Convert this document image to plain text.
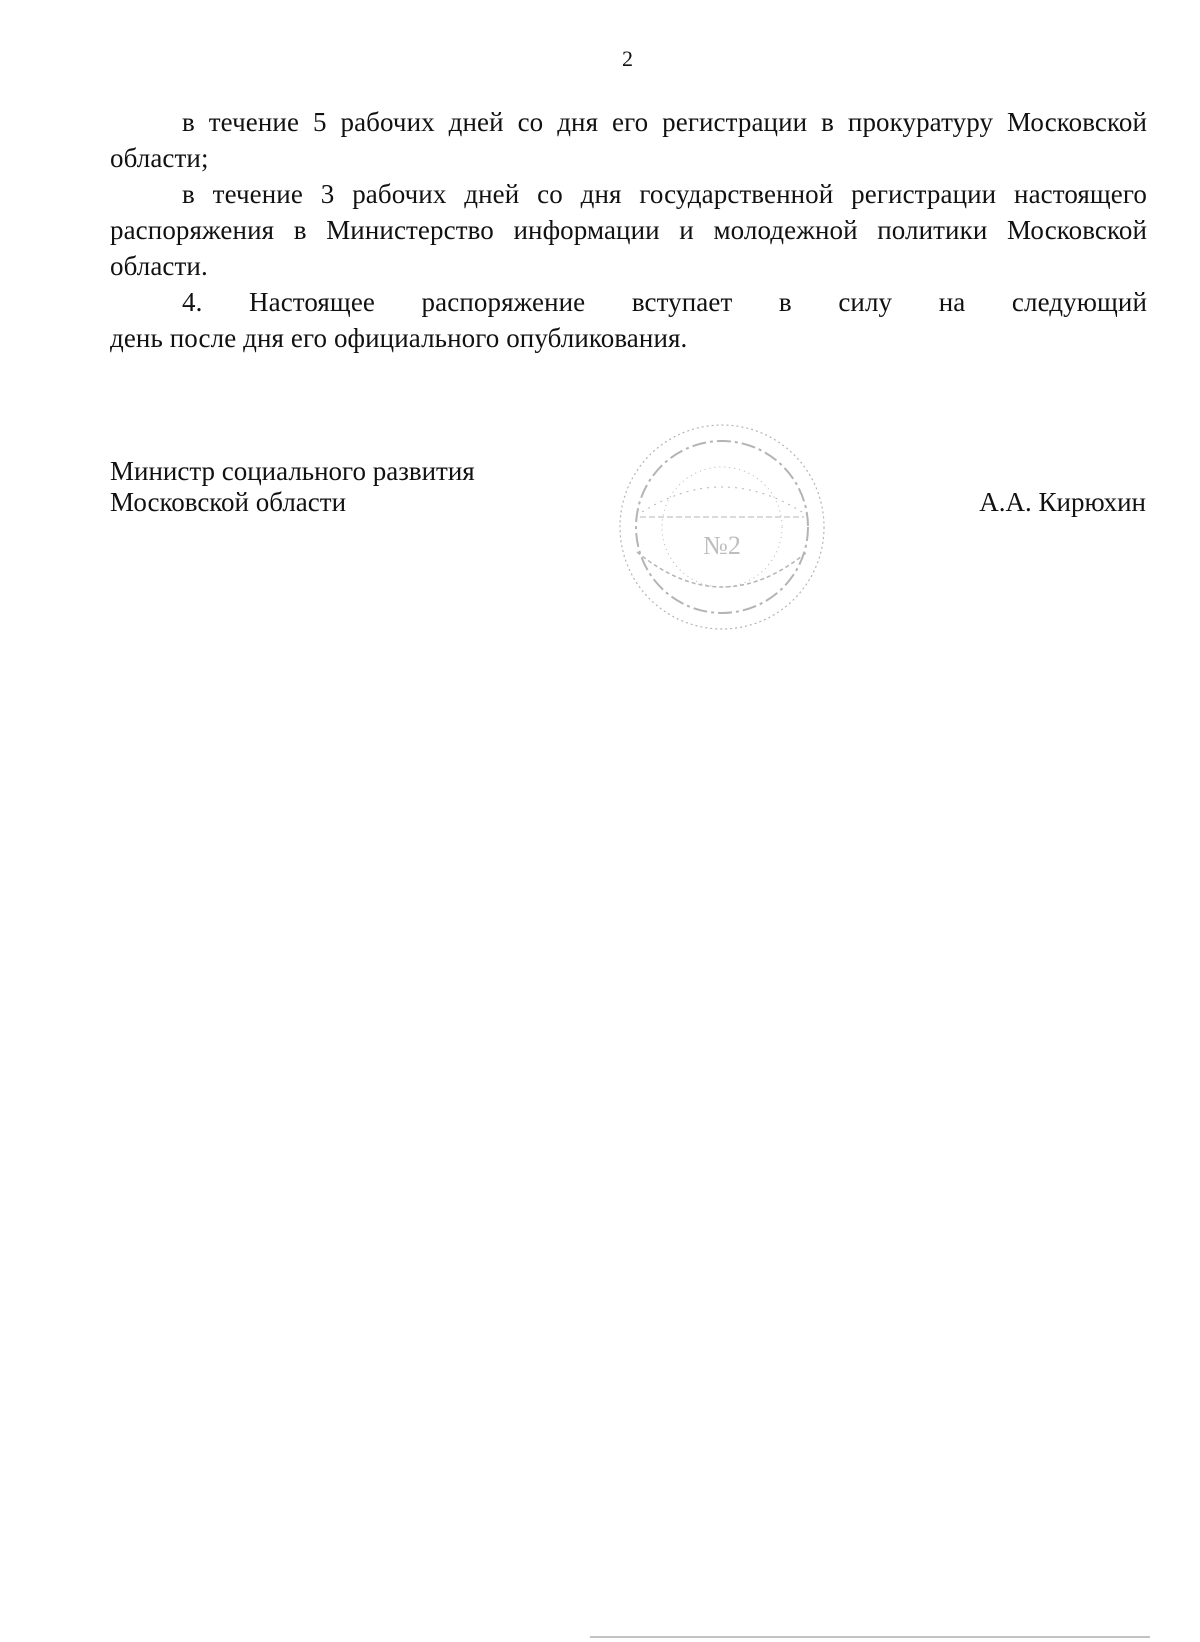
2

в течение 5 рабочих дней со дня его регистрации в прокуратуру Московской области;

в течение 3 рабочих дней со дня государственной регистрации настоящего распоряжения в Министерство информации и молодежной политики Московской области.

4. Настоящее распоряжение вступает в силу на следующий
день после дня его официального опубликования.

Министр социального развития
Московской области
№2
А.А. Кирюхин
